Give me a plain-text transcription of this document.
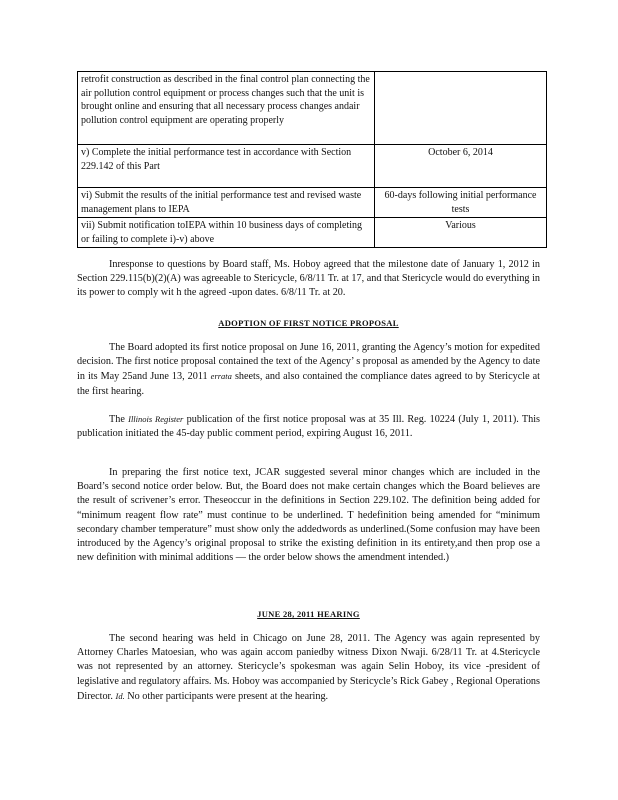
retrofit construction as described in the final control plan connecting the air pollution control equipment or process changes such that the unit is brought online and ensuring that all necessary process changes andair pollution control equipment are operating properly	
v) Complete the initial performance test in accordance with Section 229.142 of this Part	October 6, 2014
vi) Submit the results of the initial performance test and revised waste management plans to IEPA	60-days following initial performance tests
vii) Submit notification toIEPA within 10 business days of completing or failing to complete i)-v) above	Various

Inresponse to questions by Board staff, Ms. Hoboy agreed that the milestone date of January 1, 2012 in Section 229.115(b)(2)(A) was agreeable to Stericycle, 6/8/11 Tr. at 17, and that Stericycle would do everything in its power to comply wit h the agreed -upon dates. 6/8/11 Tr. at 20.

ADOPTION OF FIRST NOTICE PROPOSAL

The Board adopted its first notice proposal on June 16, 2011, granting the Agency’s motion for expedited decision. The first notice proposal contained the text of the Agency’ s proposal as amended by the Agency to date in its May 25and June 13, 2011 errata sheets, and also contained the compliance dates agreed to by Stericycle at the first hearing.

The Illinois Register publication of the first notice proposal was at 35 Ill. Reg. 10224 (July 1, 2011). This publication initiated the 45-day public comment period, expiring August 16, 2011.

In preparing the first notice text, JCAR suggested several minor changes which are included in the Board’s second notice order below. But, the Board does not make certain changes which the Board believes are the result of scrivener’s error. Theseoccur in the definitions in Section 229.102. The definition being added for “minimum reagent flow rate” must continue to be underlined. T hedefinition being amended for “minimum secondary chamber temperature” must show only the addedwords as underlined.(Some confusion may have been introduced by the Agency’s original proposal to strike the existing definition in its entirety,and then prop ose a new definition with minimal additions — the order below shows the amendment intended.)

JUNE 28, 2011 HEARING

The second hearing was held in Chicago on June 28, 2011. The Agency was again represented by Attorney Charles Matoesian, who was again accom paniedby witness Dixon Nwaji. 6/28/11 Tr. at 4.Stericycle was not represented by an attorney. Stericycle’s spokesman was again Selin Hoboy, its vice -president of legislative and regulatory affairs. Ms. Hoboy was accompanied by Stericycle’s Rick Gabey , Regional Operations Director. Id. No other participants were present at the hearing.
